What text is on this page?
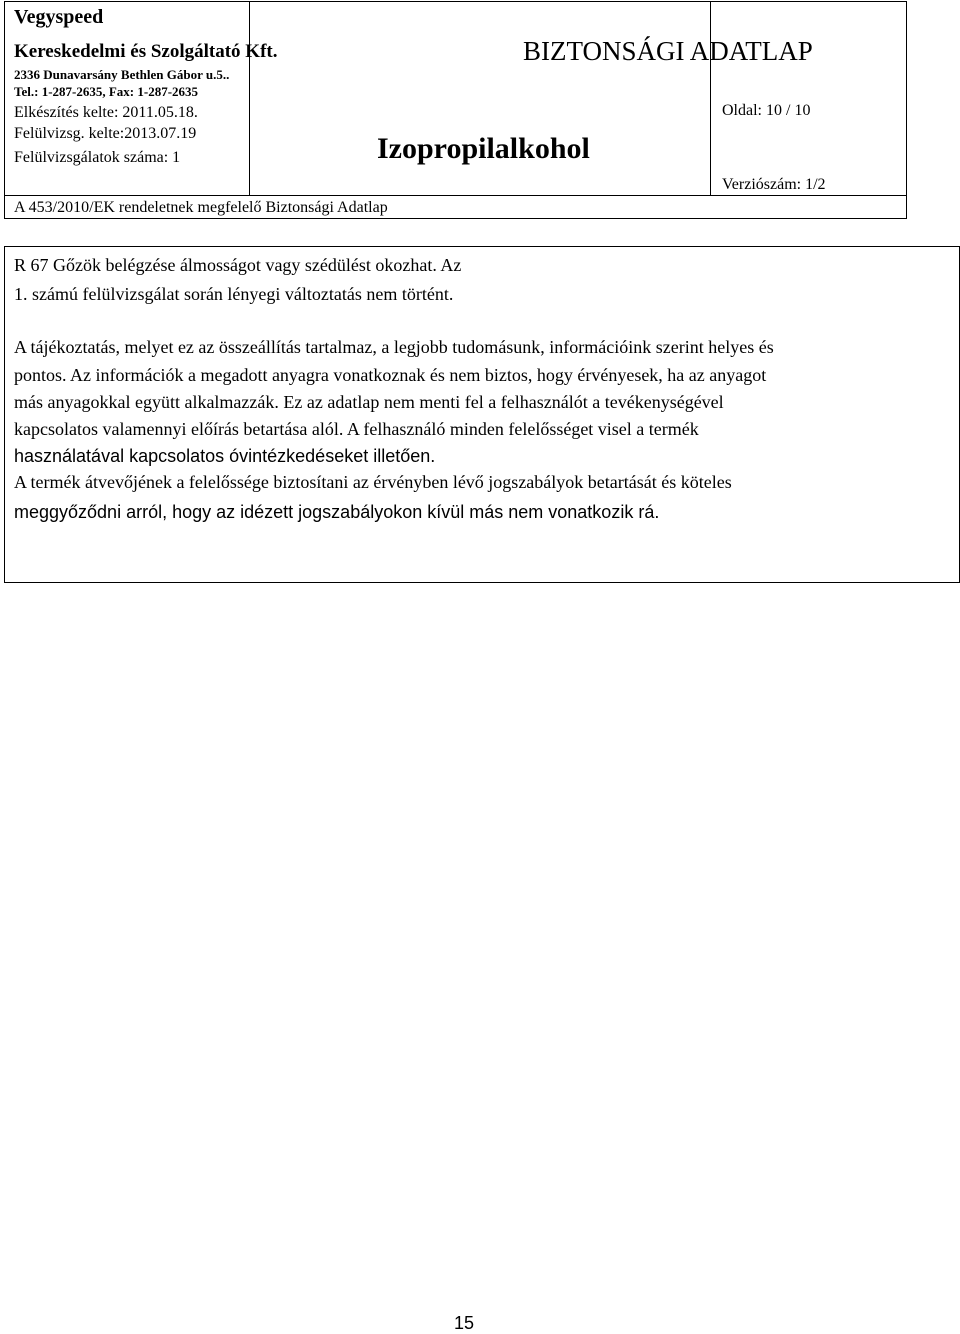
Vegyspeed
Kereskedelmi és Szolgáltató Kft.
2336 Dunavarsány Bethlen Gábor u.5..
Tel.: 1-287-2635, Fax: 1-287-2635
Elkészítés kelte: 2011.05.18.
Felülvizsg. kelte:2013.07.19
Felülvizsgálatok száma: 1
BIZTONSÁGI ADATLAP
Izopropilalkohol
Oldal: 10 / 10
Verziószám: 1/2
A 453/2010/EK rendeletnek megfelelő Biztonsági Adatlap
R 67 Gőzök belégzése álmosságot vagy szédülést okozhat. Az
1. számú felülvizsgálat során lényegi változtatás nem történt.
A tájékoztatás, melyet ez az összeállítás tartalmaz, a legjobb tudomásunk, információink szerint helyes és
pontos. Az információk a megadott anyagra vonatkoznak és nem biztos, hogy érvényesek, ha az anyagot
más anyagokkal együtt alkalmazzák. Ez az adatlap nem menti fel a felhasználót a tevékenységével
kapcsolatos valamennyi előírás betartása alól. A felhasználó minden felelősséget visel a termék
használatával kapcsolatos óvintézkedéseket illetően.
A termék átvevőjének a felelőssége biztosítani az érvényben lévő jogszabályok betartását és köteles
meggyőződni arról, hogy az idézett jogszabályokon kívül más nem vonatkozik rá.
15
